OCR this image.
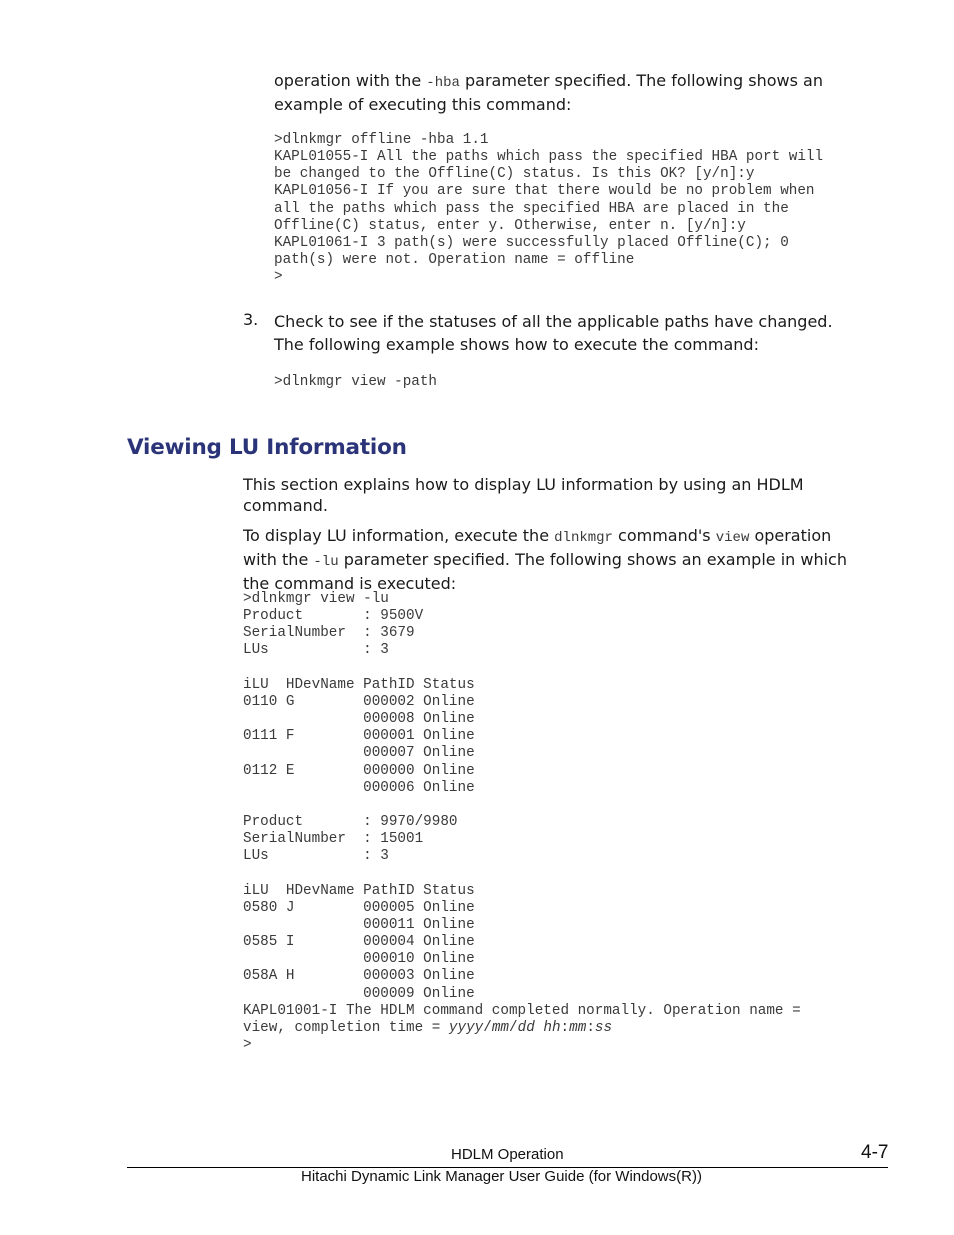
operation with the -hba parameter specified. The following shows an
example of executing this command:
>dlnkmgr offline -hba 1.1
KAPL01055-I All the paths which pass the specified HBA port will
be changed to the Offline(C) status. Is this OK? [y/n]:y
KAPL01056-I If you are sure that there would be no problem when
all the paths which pass the specified HBA are placed in the
Offline(C) status, enter y. Otherwise, enter n. [y/n]:y
KAPL01061-I 3 path(s) were successfully placed Offline(C); 0
path(s) were not. Operation name = offline
>
3. Check to see if the statuses of all the applicable paths have changed.
The following example shows how to execute the command:
>dlnkmgr view -path
Viewing LU Information
This section explains how to display LU information by using an HDLM
command.
To display LU information, execute the dlnkmgr command's view operation
with the -lu parameter specified. The following shows an example in which
the command is executed:
>dlnkmgr view -lu
Product       : 9500V
SerialNumber  : 3679
LUs           : 3

iLU  HDevName PathID Status
0110 G        000002 Online
000008 Online
0111 F        000001 Online
000007 Online
0112 E        000000 Online
000006 Online

Product       : 9970/9980
SerialNumber  : 15001
LUs           : 3

iLU  HDevName PathID Status
0580 J        000005 Online
000011 Online
0585 I        000004 Online
000010 Online
058A H        000003 Online
000009 Online
KAPL01001-I The HDLM command completed normally. Operation name =
view, completion time = yyyy/mm/dd hh:mm:ss
>
HDLM Operation	4-7
Hitachi Dynamic Link Manager User Guide (for Windows(R))
